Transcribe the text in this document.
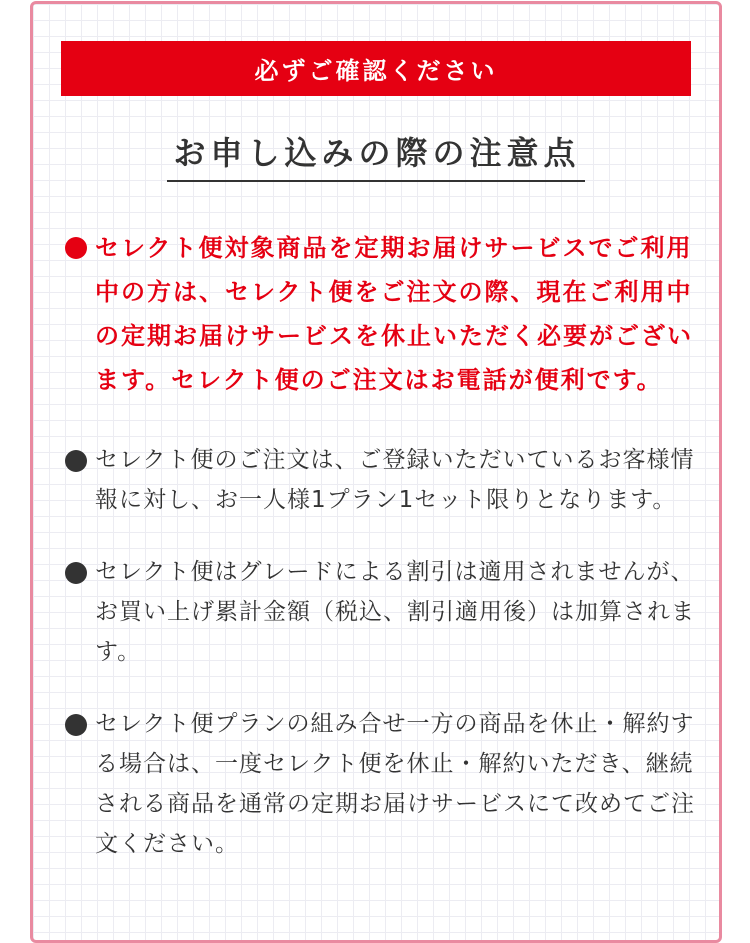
必ずご確認ください
お申し込みの際の注意点
セレクト便対象商品を定期お届けサービスでご利用中の方は、セレクト便をご注文の際、現在ご利用中の定期お届けサービスを休止いただく必要がございます。セレクト便のご注文はお電話が便利です。
セレクト便のご注文は、ご登録いただいているお客様情報に対し、お一人様1プラン1セット限りとなります。
セレクト便はグレードによる割引は適用されませんが、お買い上げ累計金額（税込、割引適用後）は加算されます。
セレクト便プランの組み合せ一方の商品を休止・解約する場合は、一度セレクト便を休止・解約いただき、継続される商品を通常の定期お届けサービスにて改めてご注文ください。
